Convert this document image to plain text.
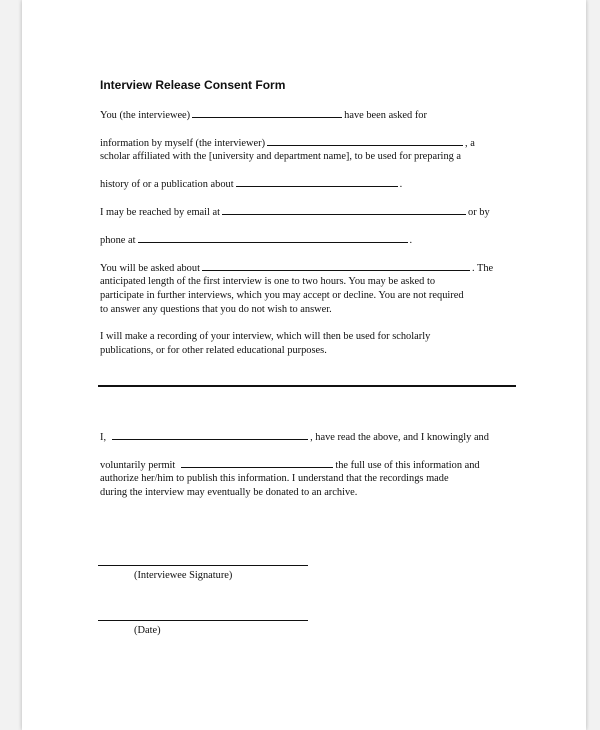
Interview Release Consent Form
You (the interviewee)	have been asked for
information by myself (the interviewer)	, a
scholar affiliated with the [university and department name], to be used for preparing a
history of or a publication about	.
I may be reached by email at	or by
phone at	.
You will be asked about	. The
anticipated length of the first interview is one to two hours. You may be asked to
participate in further interviews, which you may accept or decline. You are not required
to answer any questions that you do not wish to answer.
I will make a recording of your interview, which will then be used for scholarly
publications, or for other related educational purposes.
I,	, have read the above, and I knowingly and
voluntarily permit	the full use of this information and
authorize her/him to publish this information. I understand that the recordings made
during the interview may eventually be donated to an archive.
(Interviewee Signature)
(Date)
